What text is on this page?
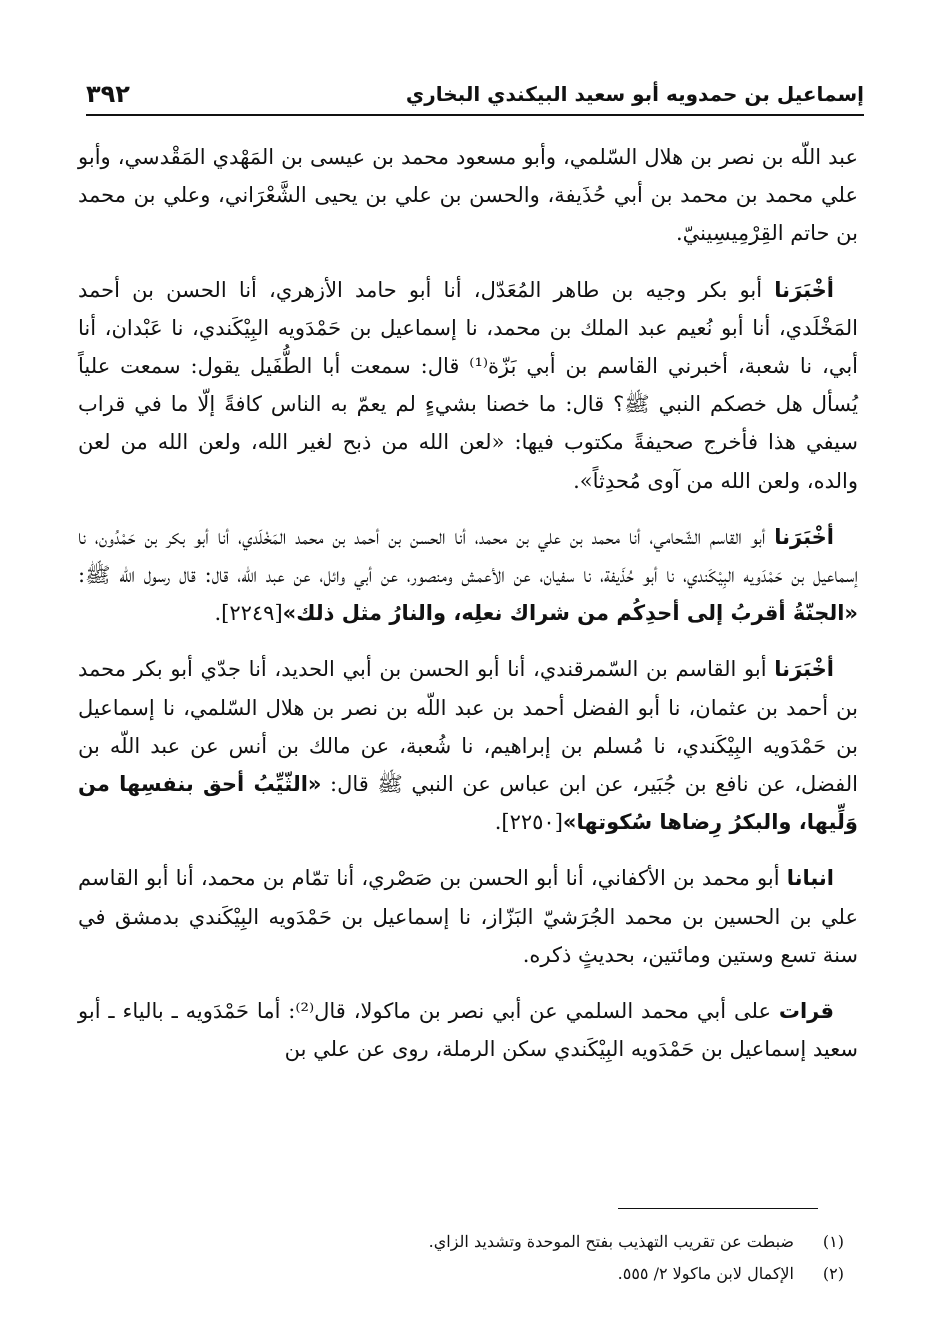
إسماعيل بن حمدويه أبو سعيد البيكندي البخاري
٣٩٢

عبد اللّه بن نصر بن هلال السّلمي، وأبو مسعود محمد بن عيسى بن المَهْدي المَقْدسي، وأبو علي محمد بن محمد بن أبي حُذَيفة، والحسن بن علي بن يحيى الشَّعْرَاني، وعلي بن محمد بن حاتم القِرْمِيسِينيّ.

أخْبَرَنا أبو بكر وجيه بن طاهر المُعَدّل، أنا أبو حامد الأزهري، أنا الحسن بن أحمد المَخْلَدي، أنا أبو نُعيم عبد الملك بن محمد، نا إسماعيل بن حَمْدَويه البِيْكَندي، نا عَبْدان، أنا أبي، نا شعبة، أخبرني القاسم بن أبي بَزّة⁽¹⁾ قال: سمعت أبا الطُّفَيل يقول: سمعت علياً يُسأل هل خصكم النبي ﷺ؟ قال: ما خصنا بشيءٍ لم يعمّ به الناس كافةً إلّا ما في قراب سيفي هذا فأخرج صحيفةً مكتوب فيها: «لعن الله من ذبح لغير الله، ولعن الله من لعن والده، ولعن الله من آوى مُحدِثاً».

أخْبَرَنا أبو القاسم الشّحامي، أنا محمد بن علي بن محمد، أنا الحسن بن أحمد بن محمد المَخْلَدي، أنا أبو بكر بن حَمْدُون، نا إسماعيل بن حَمْدَويه البِيْكَندي، نا أبو حُذَيفة، نا سفيان، عن الأعمش ومنصور، عن أبي وائل، عن عبد اللّه، قال: قال رسول الله ﷺ: «الجنّةُ أقربُ إلى أحدِكُم من شراك نعلِه، والنارُ مثل ذلك»[٢٢٤٩].

أخْبَرَنا أبو القاسم بن السّمرقندي، أنا أبو الحسن بن أبي الحديد، أنا جدّي أبو بكر محمد بن أحمد بن عثمان، نا أبو الفضل أحمد بن عبد اللّه بن نصر بن هلال السّلمي، نا إسماعيل بن حَمْدَويه البِيْكَندي، نا مُسلم بن إبراهيم، نا شُعبة، عن مالك بن أنس عن عبد اللّه بن الفضل، عن نافع بن جُبَير، عن ابن عباس عن النبي ﷺ قال: «الثّيِّبُ أحق بنفسِها من وَلِّيها، والبكرُ رِضاها سُكوتها»[٢٢٥٠].

انبانا أبو محمد بن الأكفاني، أنا أبو الحسن بن صَصْري، أنا تمّام بن محمد، أنا أبو القاسم علي بن الحسين بن محمد الجُرَشيّ البَزّاز، نا إسماعيل بن حَمْدَويه البِيْكَندي بدمشق في سنة تسع وستين ومائتين، بحديثٍ ذكره.

قرات على أبي محمد السلمي عن أبي نصر بن ماكولا، قال⁽²⁾: أما حَمْدَويه ـ بالياء ـ أبو سعيد إسماعيل بن حَمْدَويه البِيْكَندي سكن الرملة، روى عن علي بن

(١)
ضبطت عن تقريب التهذيب بفتح الموحدة وتشديد الزاي.
(٢)
الإكمال لابن ماكولا ٢/ ٥٥٥.
